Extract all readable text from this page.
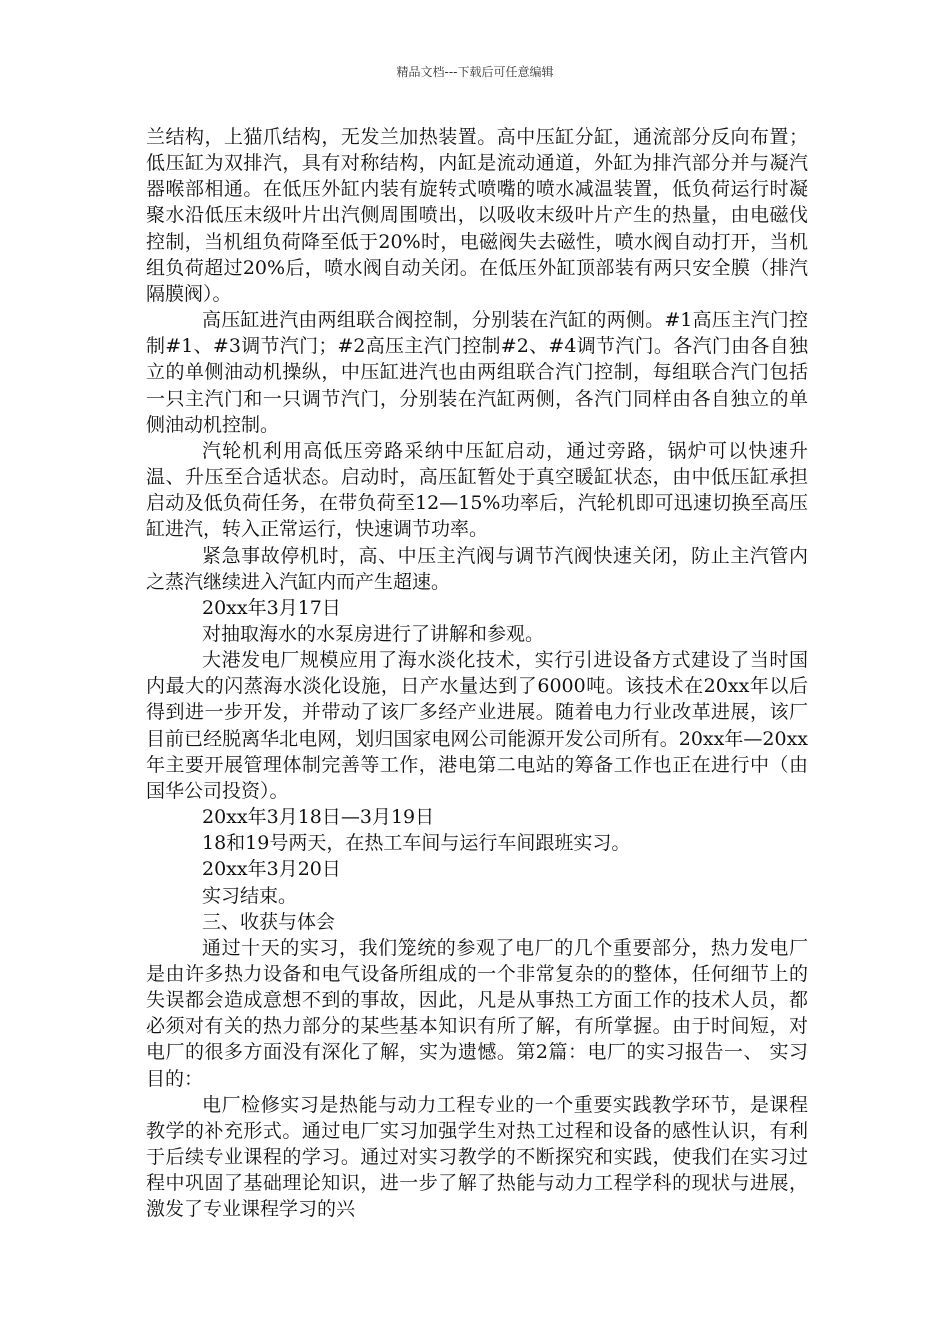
精品文档---下载后可任意编辑

兰结构，上猫爪结构，无发兰加热装置。高中压缸分缸，通流部分反向布置；低压缸为双排汽，具有对称结构，内缸是流动通道，外缸为排汽部分并与凝汽器喉部相通。在低压外缸内装有旋转式喷嘴的喷水减温装置，低负荷运行时凝聚水沿低压末级叶片出汽侧周围喷出，以吸收末级叶片产生的热量，由电磁伐控制，当机组负荷降至低于20%时，电磁阀失去磁性，喷水阀自动打开，当机组负荷超过20%后，喷水阀自动关闭。在低压外缸顶部装有两只安全膜（排汽隔膜阀）。

高压缸进汽由两组联合阀控制，分别装在汽缸的两侧。#1高压主汽门控制#1、#3调节汽门；#2高压主汽门控制#2、#4调节汽门。各汽门由各自独立的单侧油动机操纵，中压缸进汽也由两组联合汽门控制，每组联合汽门包括一只主汽门和一只调节汽门，分别装在汽缸两侧，各汽门同样由各自独立的单侧油动机控制。

汽轮机利用高低压旁路采纳中压缸启动，通过旁路，锅炉可以快速升温、升压至合适状态。启动时，高压缸暂处于真空暖缸状态，由中低压缸承担启动及低负荷任务，在带负荷至12—15%功率后，汽轮机即可迅速切换至高压缸进汽，转入正常运行，快速调节功率。

紧急事故停机时，高、中压主汽阀与调节汽阀快速关闭，防止主汽管内之蒸汽继续进入汽缸内而产生超速。

20xx年3月17日

对抽取海水的水泵房进行了讲解和参观。

大港发电厂规模应用了海水淡化技术，实行引进设备方式建设了当时国内最大的闪蒸海水淡化设施，日产水量达到了6000吨。该技术在20xx年以后得到进一步开发，并带动了该厂多经产业进展。随着电力行业改革进展，该厂目前已经脱离华北电网，划归国家电网公司能源开发公司所有。20xx年—20xx年主要开展管理体制完善等工作，港电第二电站的筹备工作也正在进行中（由国华公司投资）。

20xx年3月18日—3月19日

18和19号两天，在热工车间与运行车间跟班实习。

20xx年3月20日

实习结束。

三、收获与体会

通过十天的实习，我们笼统的参观了电厂的几个重要部分，热力发电厂是由许多热力设备和电气设备所组成的一个非常复杂的的整体，任何细节上的失误都会造成意想不到的事故，因此，凡是从事热工方面工作的技术人员，都必须对有关的热力部分的某些基本知识有所了解，有所掌握。由于时间短，对电厂的很多方面没有深化了解，实为遗憾。第2篇：电厂的实习报告一、 实习目的：

电厂检修实习是热能与动力工程专业的一个重要实践教学环节，是课程教学的补充形式。通过电厂实习加强学生对热工过程和设备的感性认识，有利于后续专业课程的学习。通过对实习教学的不断探究和实践，使我们在实习过程中巩固了基础理论知识，进一步了解了热能与动力工程学科的现状与进展，激发了专业课程学习的兴
